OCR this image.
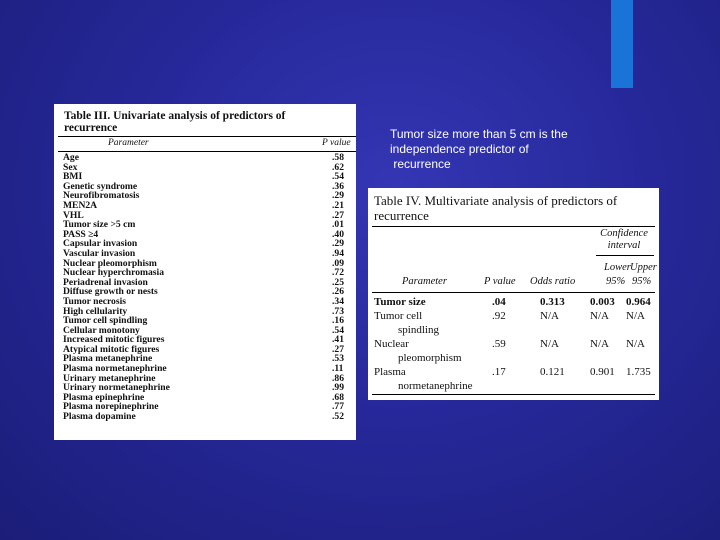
Tumor size more than 5 cm is the
independence predictor of
recurrence
Table III. Univariate analysis of predictors of
recurrence
Parameter	P value
Age	.58
Sex	.62
BMI	.54
Genetic syndrome	.36
Neurofibromatosis	.29
MEN2A	.21
VHL	.27
Tumor size >5 cm	.01
PASS ≥4	.40
Capsular invasion	.29
Vascular invasion	.94
Nuclear pleomorphism	.09
Nuclear hyperchromasia	.72
Periadrenal invasion	.25
Diffuse growth or nests	.26
Tumor necrosis	.34
High cellularity	.73
Tumor cell spindling	.16
Cellular monotony	.54
Increased mitotic figures	.41
Atypical mitotic figures	.27
Plasma metanephrine	.53
Plasma normetanephrine	.11
Urinary metanephrine	.86
Urinary normetanephrine	.99
Plasma epinephrine	.68
Plasma norepinephrine	.77
Plasma dopamine	.52
Table IV. Multivariate analysis of predictors of
recurrence
Confidence
interval
Lower Upper
Parameter	P value Odds ratio	95% 95%
Tumor size	.04	0.313 0.003 0.964
Tumor cell
spindling
.92	N/A	N/A N/A
Nuclear
pleomorphism
.59	N/A	N/A N/A
Plasma
normetanephrine
.17	0.121 0.901 1.735
